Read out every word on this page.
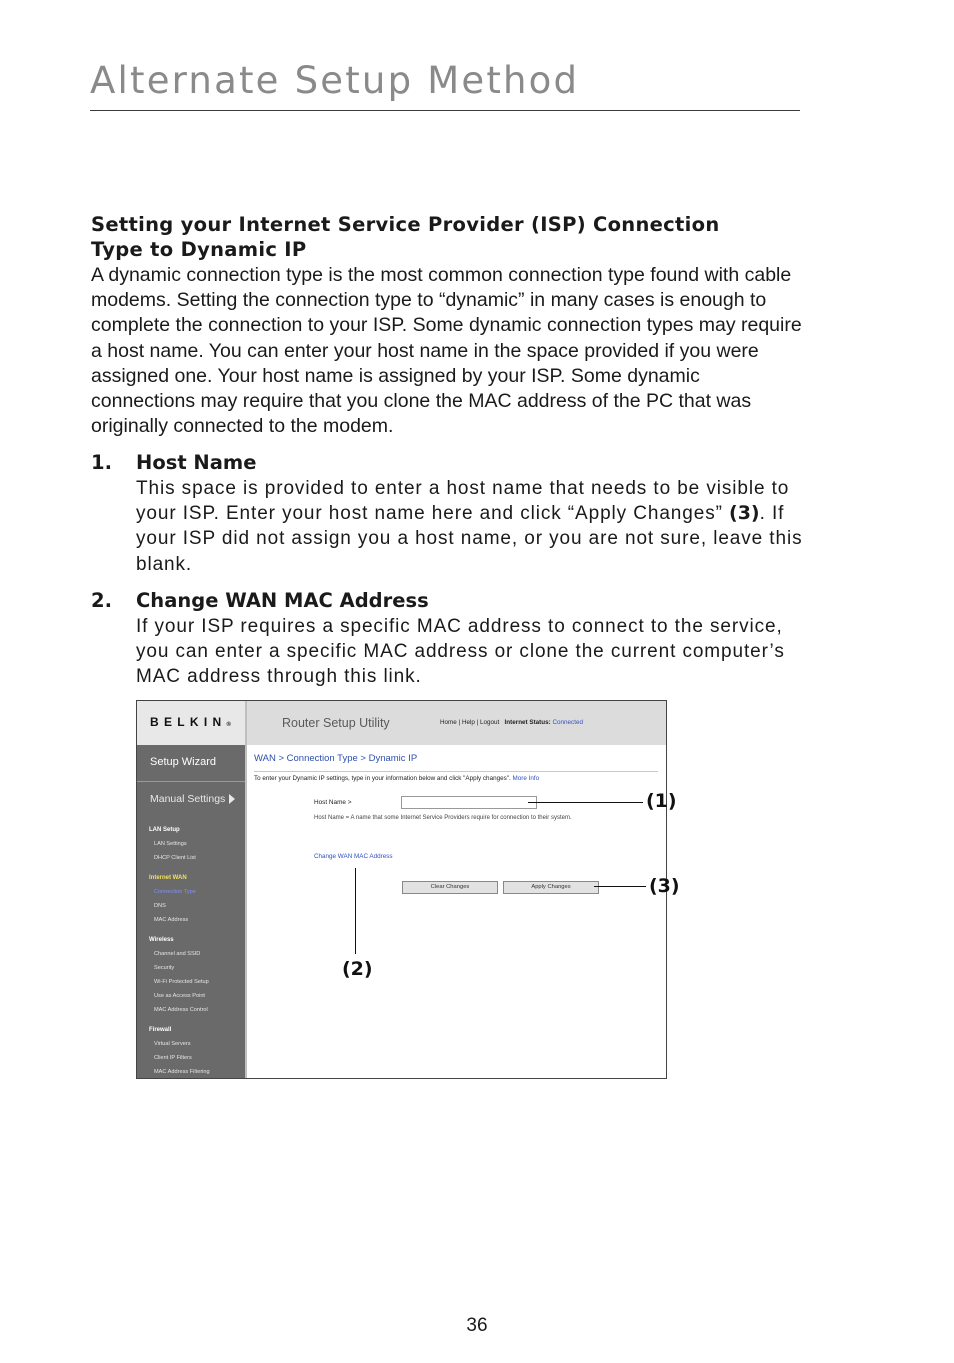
Alternate Setup Method
Setting your Internet Service Provider (ISP) Connection
Type to Dynamic IP
A dynamic connection type is the most common connection type found with cable modems. Setting the connection type to “dynamic” in many cases is enough to complete the connection to your ISP. Some dynamic connection types may require a host name. You can enter your host name in the space provided if you were assigned one. Your host name is assigned by your ISP. Some dynamic connections may require that you clone the MAC address of the PC that was originally connected to the modem.
1. Host Name
This space is provided to enter a host name that needs to be visible to your ISP. Enter your host name here and click “Apply Changes” (3). If your ISP did not assign you a host name, or you are not sure, leave this blank.
2. Change WAN MAC Address
If your ISP requires a specific MAC address to connect to the service, you can enter a specific MAC address or clone the current computer’s MAC address through this link.
BELKIN®	Router Setup Utility	Home | Help | Logout Internet Status: Connected
Setup Wizard
Manual Settings
LAN Setup
LAN Settings
DHCP Client List
Internet WAN
Connection Type
DNS
MAC Address
Wireless
Channel and SSID
Security
Wi-Fi Protected Setup
Use as Access Point
MAC Address Control
Firewall
Virtual Servers
Client IP Filters
MAC Address Filtering
WAN > Connection Type > Dynamic IP
To enter your Dynamic IP settings, type in your information below and click "Apply changes". More Info
Host Name >
Host Name = A name that some Internet Service Providers require for connection to their system.
Change WAN MAC Address
Clear Changes	Apply Changes
(1)
(3)
(2)
36
